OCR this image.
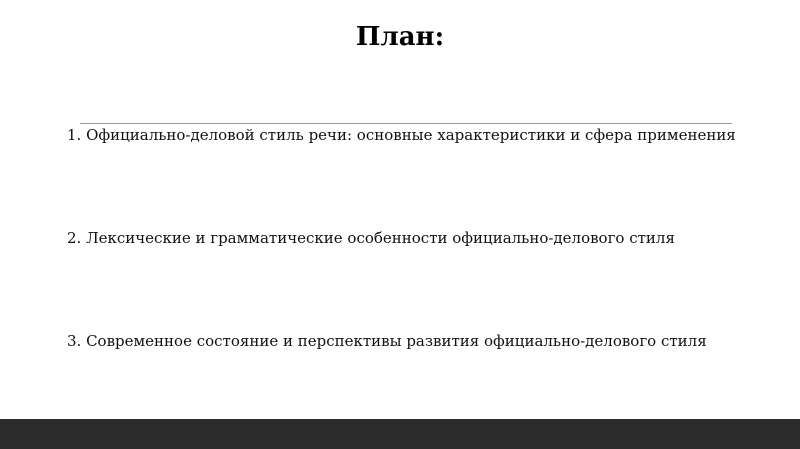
План:
1. Официально-деловой стиль речи: основные характеристики и сфера применения
2. Лексические и грамматические особенности официально-делового стиля
3. Современное состояние и перспективы развития официально-делового стиля
